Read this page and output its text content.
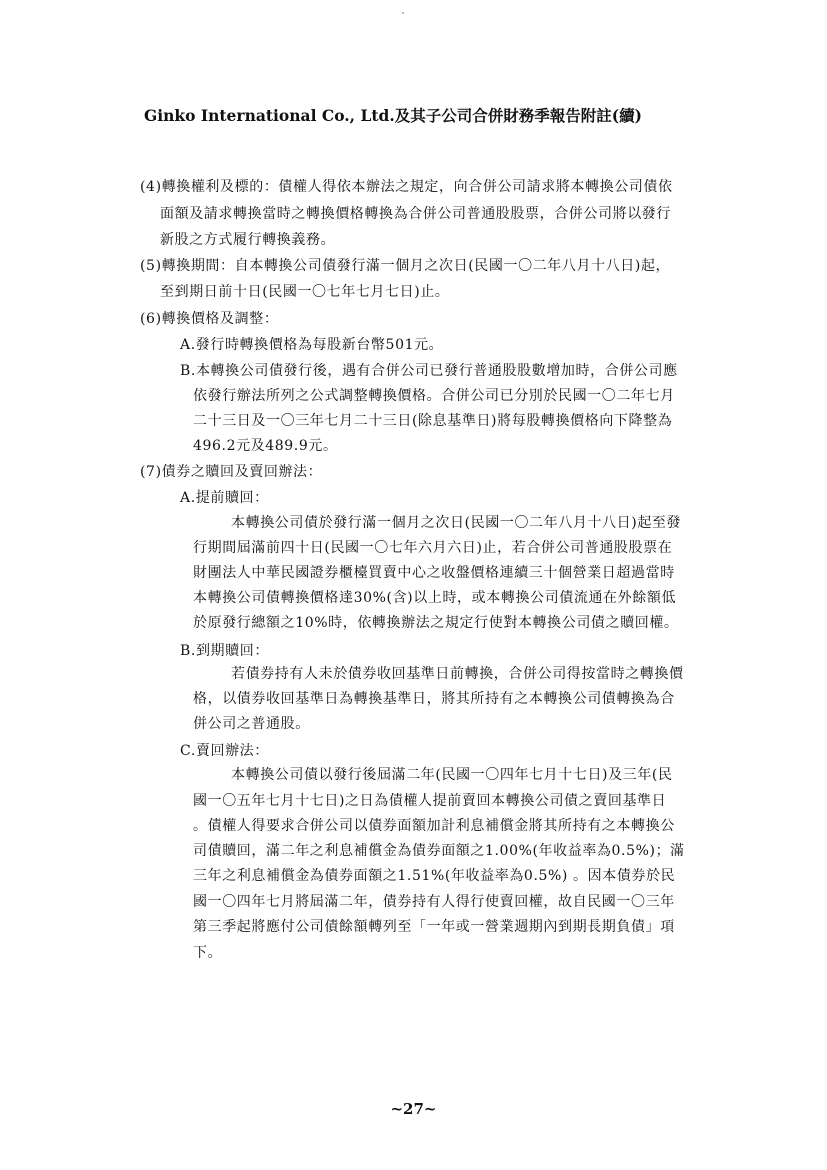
Ginko International Co., Ltd.及其子公司合併財務季報告附註(續)
(4)轉換權利及標的：債權人得依本辦法之規定，向合併公司請求將本轉換公司債依
面額及請求轉換當時之轉換價格轉換為合併公司普通股股票，合併公司將以發行
新股之方式履行轉換義務。
(5)轉換期間：自本轉換公司債發行滿一個月之次日(民國一〇二年八月十八日)起，
至到期日前十日(民國一〇七年七月七日)止。
(6)轉換價格及調整：
A.發行時轉換價格為每股新台幣501元。
B.本轉換公司債發行後，遇有合併公司已發行普通股股數增加時，合併公司應
依發行辦法所列之公式調整轉換價格。合併公司已分別於民國一〇二年七月
二十三日及一〇三年七月二十三日(除息基準日)將每股轉換價格向下降整為
496.2元及489.9元。
(7)債券之贖回及賣回辦法：
A.提前贖回：
本轉換公司債於發行滿一個月之次日(民國一〇二年八月十八日)起至發
行期間屆滿前四十日(民國一〇七年六月六日)止，若合併公司普通股股票在
財團法人中華民國證券櫃檯買賣中心之收盤價格連續三十個營業日超過當時
本轉換公司債轉換價格達30%(含)以上時，或本轉換公司債流通在外餘額低
於原發行總額之10%時，依轉換辦法之規定行使對本轉換公司債之贖回權。
B.到期贖回：
若債券持有人未於債券收回基準日前轉換，合併公司得按當時之轉換價
格，以債券收回基準日為轉換基準日，將其所持有之本轉換公司債轉換為合
併公司之普通股。
C.賣回辦法：
本轉換公司債以發行後屆滿二年(民國一〇四年七月十七日)及三年(民
國一〇五年七月十七日)之日為債權人提前賣回本轉換公司債之賣回基準日
。債權人得要求合併公司以債券面額加計利息補償金將其所持有之本轉換公
司債贖回，滿二年之利息補償金為債券面額之1.00%(年收益率為0.5%)；滿
三年之利息補償金為債券面額之1.51%(年收益率為0.5%) 。因本債券於民
國一〇四年七月將屆滿二年，債券持有人得行使賣回權，故自民國一〇三年
第三季起將應付公司債餘額轉列至「一年或一營業週期內到期長期負債」項
下。
~27~
